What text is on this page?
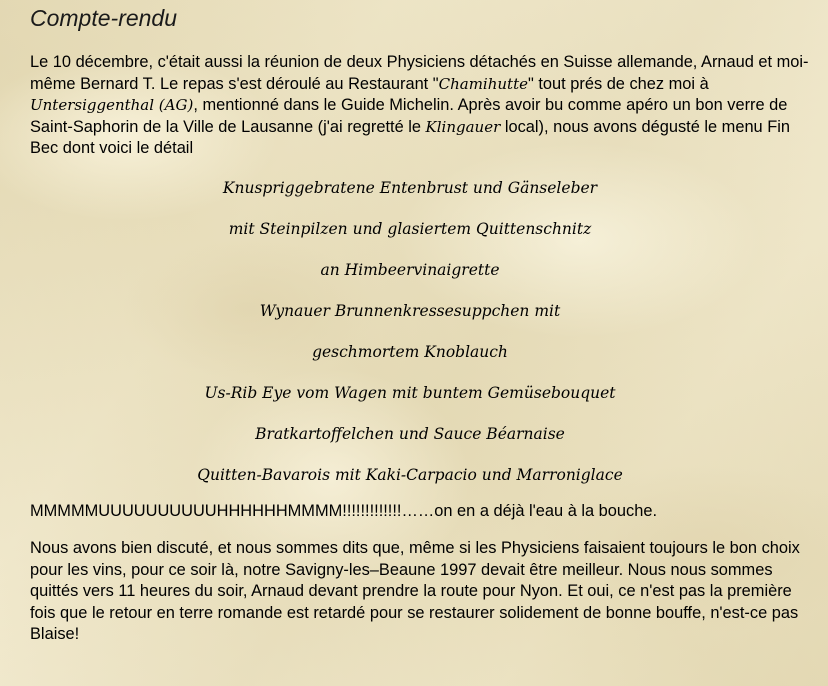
Compte-rendu

Le 10 décembre, c'était aussi la réunion de deux Physiciens détachés en Suisse allemande, Arnaud et moi-même Bernard T. Le repas s'est déroulé au Restaurant "Chamihutte" tout prés de chez moi à Untersiggenthal (AG), mentionné dans le Guide Michelin. Après avoir bu comme apéro un bon verre de Saint-Saphorin de la Ville de Lausanne (j'ai regretté le Klingauer local), nous avons dégusté le menu Fin Bec dont voici le détail

Knuspriggebratene Entenbrust und Gänseleber
mit Steinpilzen und glasiertem Quittenschnitz
an Himbeervinaigrette
Wynauer Brunnenkressesuppchen mit
geschmortem Knoblauch
Us-Rib Eye vom Wagen mit buntem Gemüsebouquet
Bratkartoffelchen und Sauce Béarnaise
Quitten-Bavarois mit Kaki-Carpacio und Marroniglace

MMMMMUUUUUUUUUUHHHHHHMMMM!!!!!!!!!!!!!……on en a déjà l'eau à la bouche.

Nous avons bien discuté, et nous sommes dits que, même si les Physiciens faisaient toujours le bon choix pour les vins, pour ce soir là, notre Savigny-les–Beaune 1997 devait être meilleur. Nous nous sommes quittés vers 11 heures du soir, Arnaud devant prendre la route pour Nyon. Et oui, ce n'est pas la première fois que le retour en terre romande est retardé pour se restaurer solidement de bonne bouffe, n'est-ce pas Blaise!
